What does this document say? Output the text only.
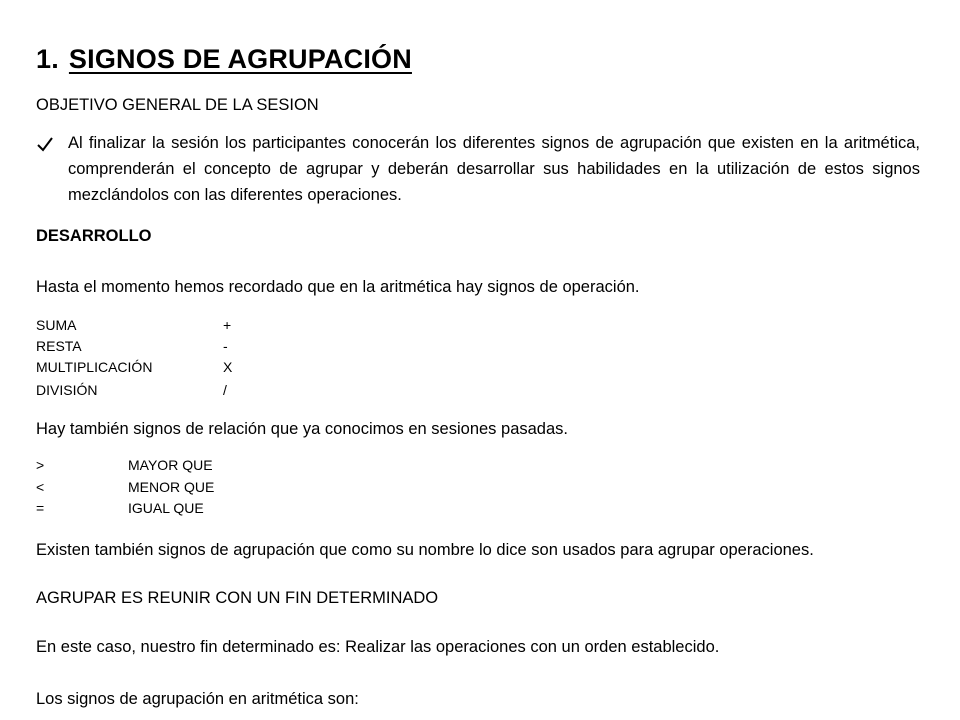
1. SIGNOS DE AGRUPACIÓN
OBJETIVO GENERAL DE LA SESION
Al finalizar la sesión los participantes conocerán los diferentes signos de agrupación que existen en la aritmética, comprenderán el concepto de agrupar y deberán desarrollar sus habilidades en la utilización de estos signos mezclándolos con las diferentes operaciones.
DESARROLLO
Hasta el momento hemos recordado que en la aritmética hay signos de operación.
SUMA	+
RESTA	-
MULTIPLICACIÓN	X
DIVISIÓN	/
Hay también signos de relación que ya conocimos en sesiones pasadas.
>	MAYOR QUE
<	MENOR QUE
=	IGUAL QUE
Existen también signos de agrupación que como su nombre lo dice son usados para agrupar operaciones.
AGRUPAR ES REUNIR CON UN FIN DETERMINADO
En este caso, nuestro fin determinado es: Realizar las operaciones con un orden establecido.
Los signos de agrupación en aritmética son:
